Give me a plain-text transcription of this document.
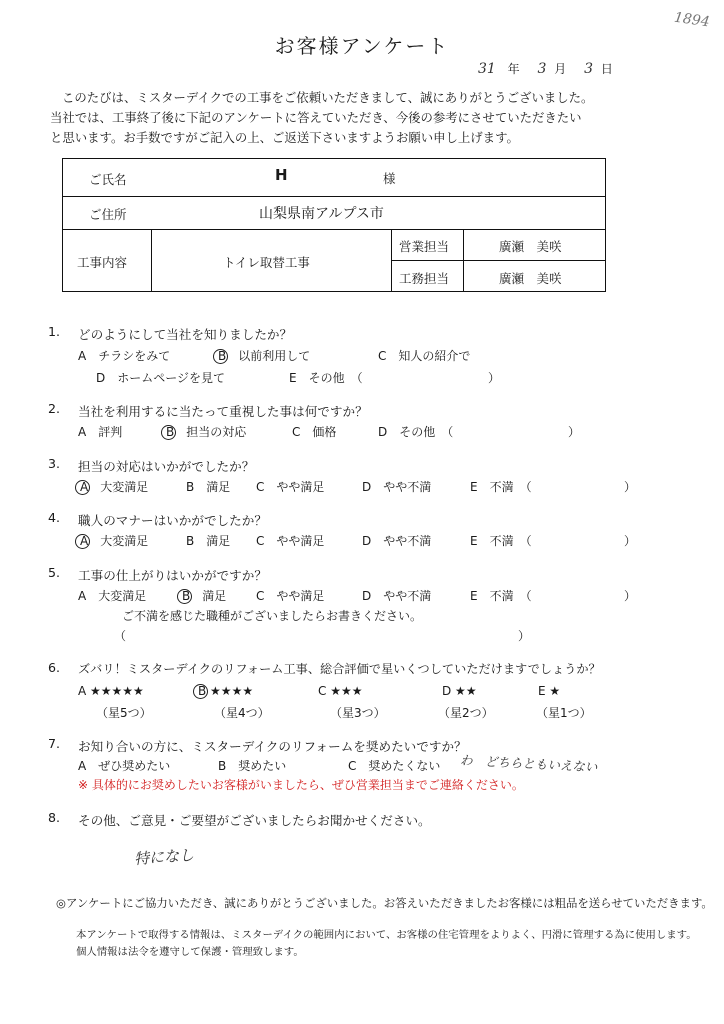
お客様アンケート
1894
31 年 3 月 3 日
このたびは、ミスターデイクでの工事をご依頼いただきまして、誠にありがとうございました。
当社では、工事終了後に下記のアンケートに答えていただき、今後の参考にさせていただきたい
と思います。お手数ですがご記入の上、ご返送下さいますようお願い申し上げます。
ご氏名	H	様
ご住所	山梨県南アルプス市
工事内容	トイレ取替工事
営業担当	廣瀬　美咲
工務担当	廣瀬　美咲
1. どのようにして当社を知りましたか？
A　チラシをみて	B　以前利用して	C　知人の紹介で
D　ホームページを見て	E　その他　（	）
2. 当社を利用するに当たって重視した事は何ですか？
A　評判	B　担当の対応	C　価格	D　その他　（	）
3. 担当の対応はいかがでしたか？
A　大変満足	B　満足 C　やや満足	D　やや不満	E　不満　（	）
4. 職人のマナーはいかがでしたか？
A　大変満足	B　満足 C　やや満足	D　やや不満	E　不満　（	）
5. 工事の仕上がりはいかがですか？
A　大変満足	B　満足 C　やや満足	D　やや不満	E　不満　（	）
ご不満を感じた職種がございましたらお書きください。
（	）
6. ズバリ！ミスターデイクのリフォーム工事、総合評価で星いくつしていただけますでしょうか？
A ★★★★★	B ★★★★	C ★★★	D ★★	E ★
（星5つ）	（星4つ）	（星3つ）	（星2つ）	（星1つ）
7. お知り合いの方に、ミスターデイクのリフォームを奨めたいですか？
A　ぜひ奨めたい	B　奨めたい	C　奨めたくない わ　どちらともいえない
※ 具体的にお奨めしたいお客様がいましたら、ぜひ営業担当までご連絡ください。
8. その他、ご意見・ご要望がございましたらお聞かせください。
特になし
◎アンケートにご協力いただき、誠にありがとうございました。お答えいただきましたお客様には粗品を送らせていただきます。
本アンケートで取得する情報は、ミスターデイクの範囲内において、お客様の住宅管理をよりよく、円滑に管理する為に使用します。
個人情報は法令を遵守して保護・管理致します。
